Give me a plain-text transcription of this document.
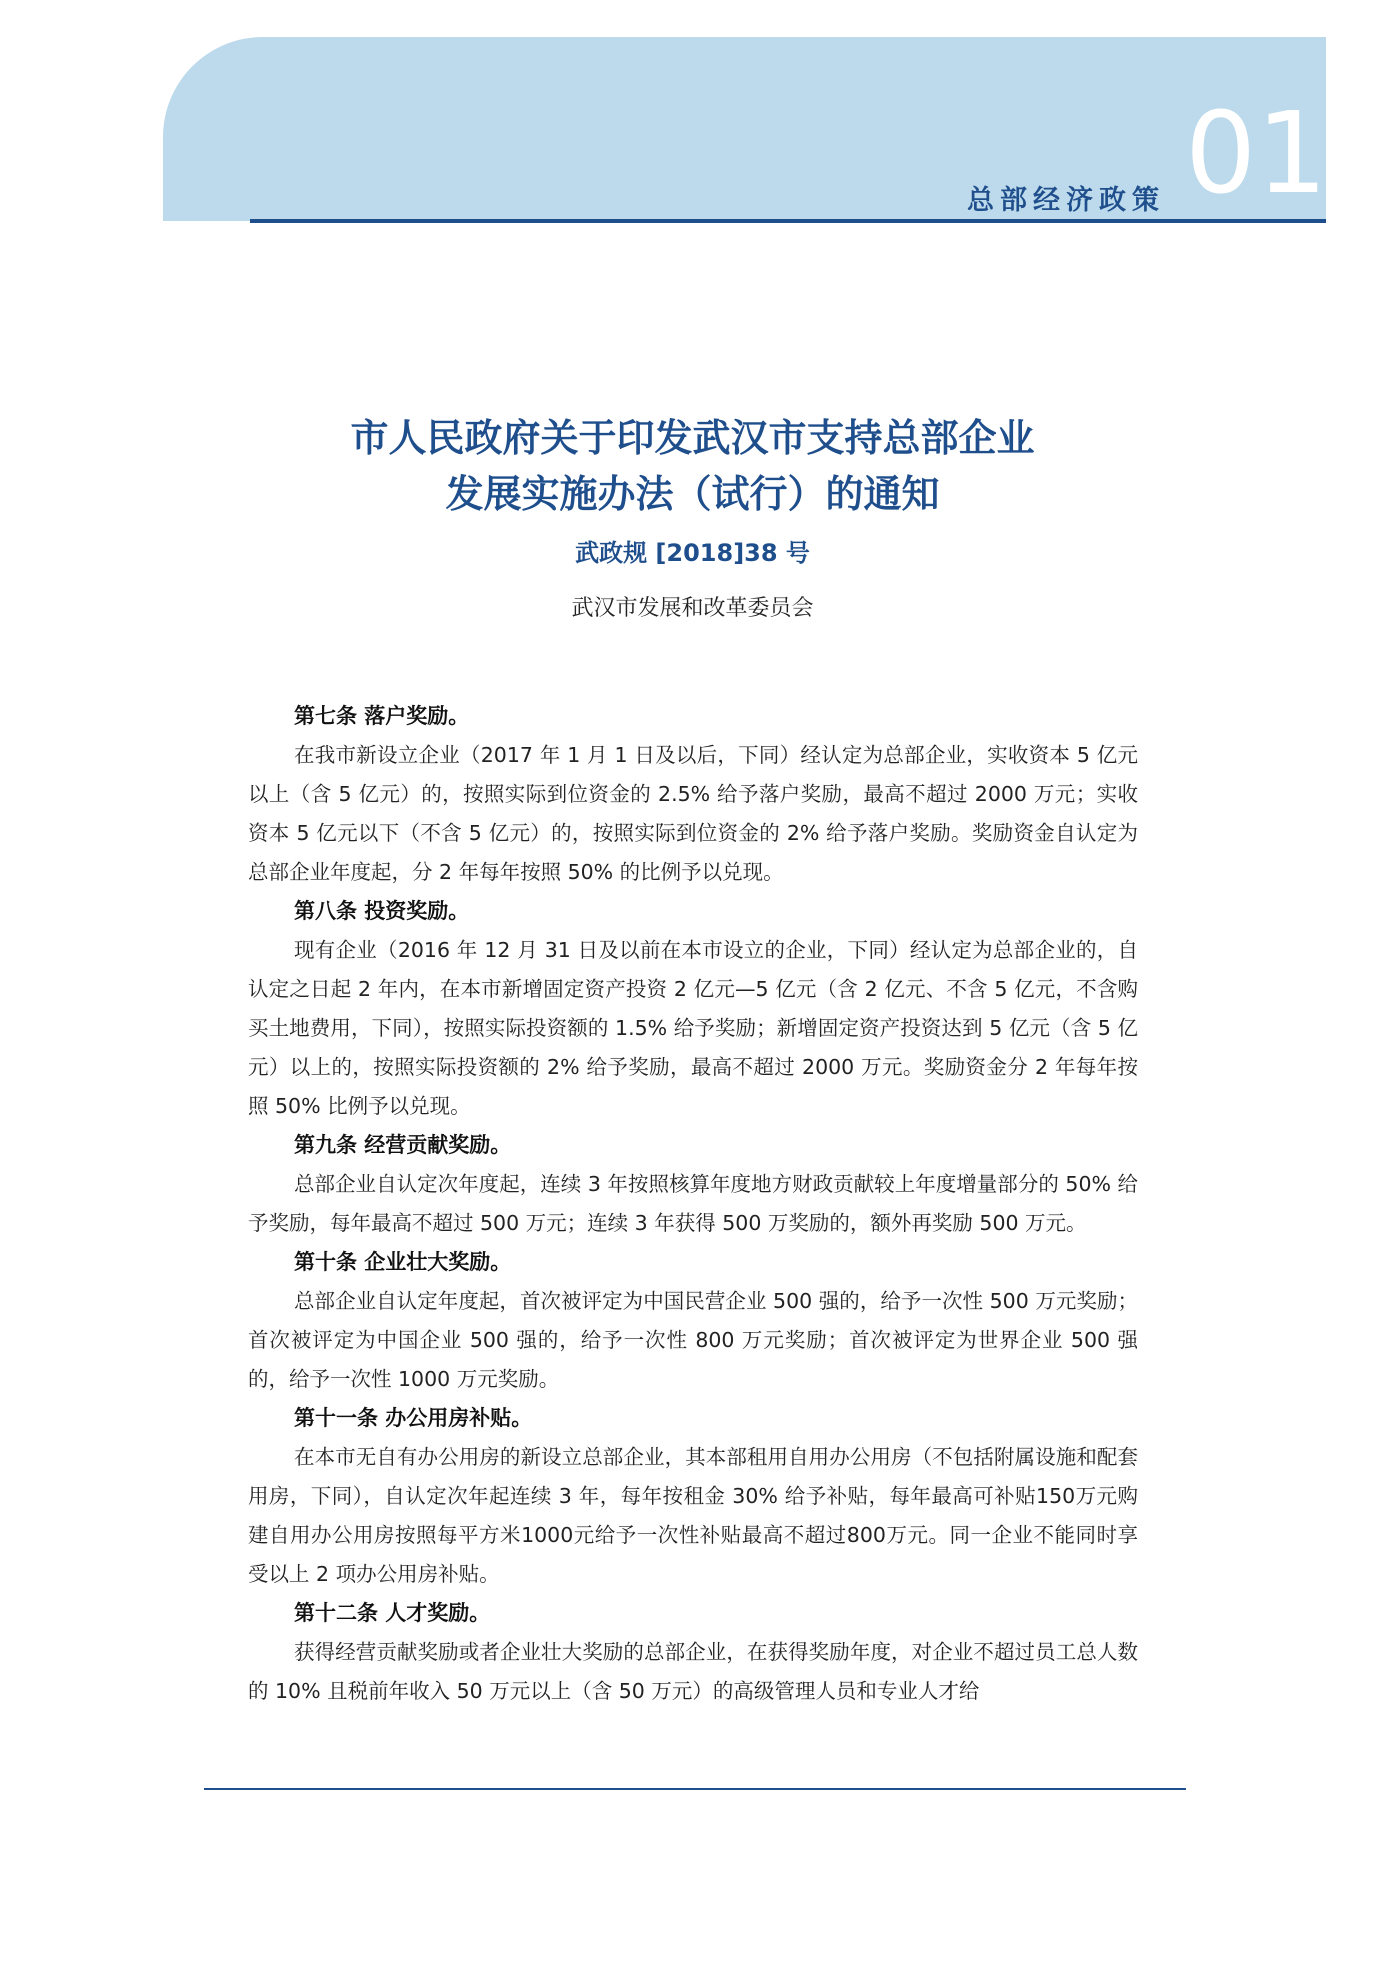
总部经济政策 01
市人民政府关于印发武汉市支持总部企业
发展实施办法（试行）的通知
武政规 [2018]38 号
武汉市发展和改革委员会

第七条 落户奖励。

在我市新设立企业（2017 年 1 月 1 日及以后，下同）经认定为总部企业，实收资本 5 亿元以上（含 5 亿元）的，按照实际到位资金的 2.5% 给予落户奖励，最高不超过 2000 万元；实收资本 5 亿元以下（不含 5 亿元）的，按照实际到位资金的 2% 给予落户奖励。奖励资金自认定为总部企业年度起，分 2 年每年按照 50% 的比例予以兑现。

第八条 投资奖励。

现有企业（2016 年 12 月 31 日及以前在本市设立的企业，下同）经认定为总部企业的，自认定之日起 2 年内，在本市新增固定资产投资 2 亿元—5 亿元（含 2 亿元、不含 5 亿元，不含购买土地费用，下同），按照实际投资额的 1.5% 给予奖励；新增固定资产投资达到 5 亿元（含 5 亿元）以上的，按照实际投资额的 2% 给予奖励，最高不超过 2000 万元。奖励资金分 2 年每年按照 50% 比例予以兑现。

第九条 经营贡献奖励。

总部企业自认定次年度起，连续 3 年按照核算年度地方财政贡献较上年度增量部分的 50% 给予奖励，每年最高不超过 500 万元；连续 3 年获得 500 万奖励的，额外再奖励 500 万元。

第十条 企业壮大奖励。

总部企业自认定年度起，首次被评定为中国民营企业 500 强的，给予一次性 500 万元奖励；首次被评定为中国企业 500 强的，给予一次性 800 万元奖励；首次被评定为世界企业 500 强的，给予一次性 1000 万元奖励。

第十一条 办公用房补贴。

在本市无自有办公用房的新设立总部企业，其本部租用自用办公用房（不包括附属设施和配套用房，下同），自认定次年起连续 3 年，每年按租金 30% 给予补贴，每年最高可补贴150万元购建自用办公用房按照每平方米1000元给予一次性补贴最高不超过800万元。同一企业不能同时享受以上 2 项办公用房补贴。

第十二条 人才奖励。

获得经营贡献奖励或者企业壮大奖励的总部企业，在获得奖励年度，对企业不超过员工总人数的 10% 且税前年收入 50 万元以上（含 50 万元）的高级管理人员和专业人才给
